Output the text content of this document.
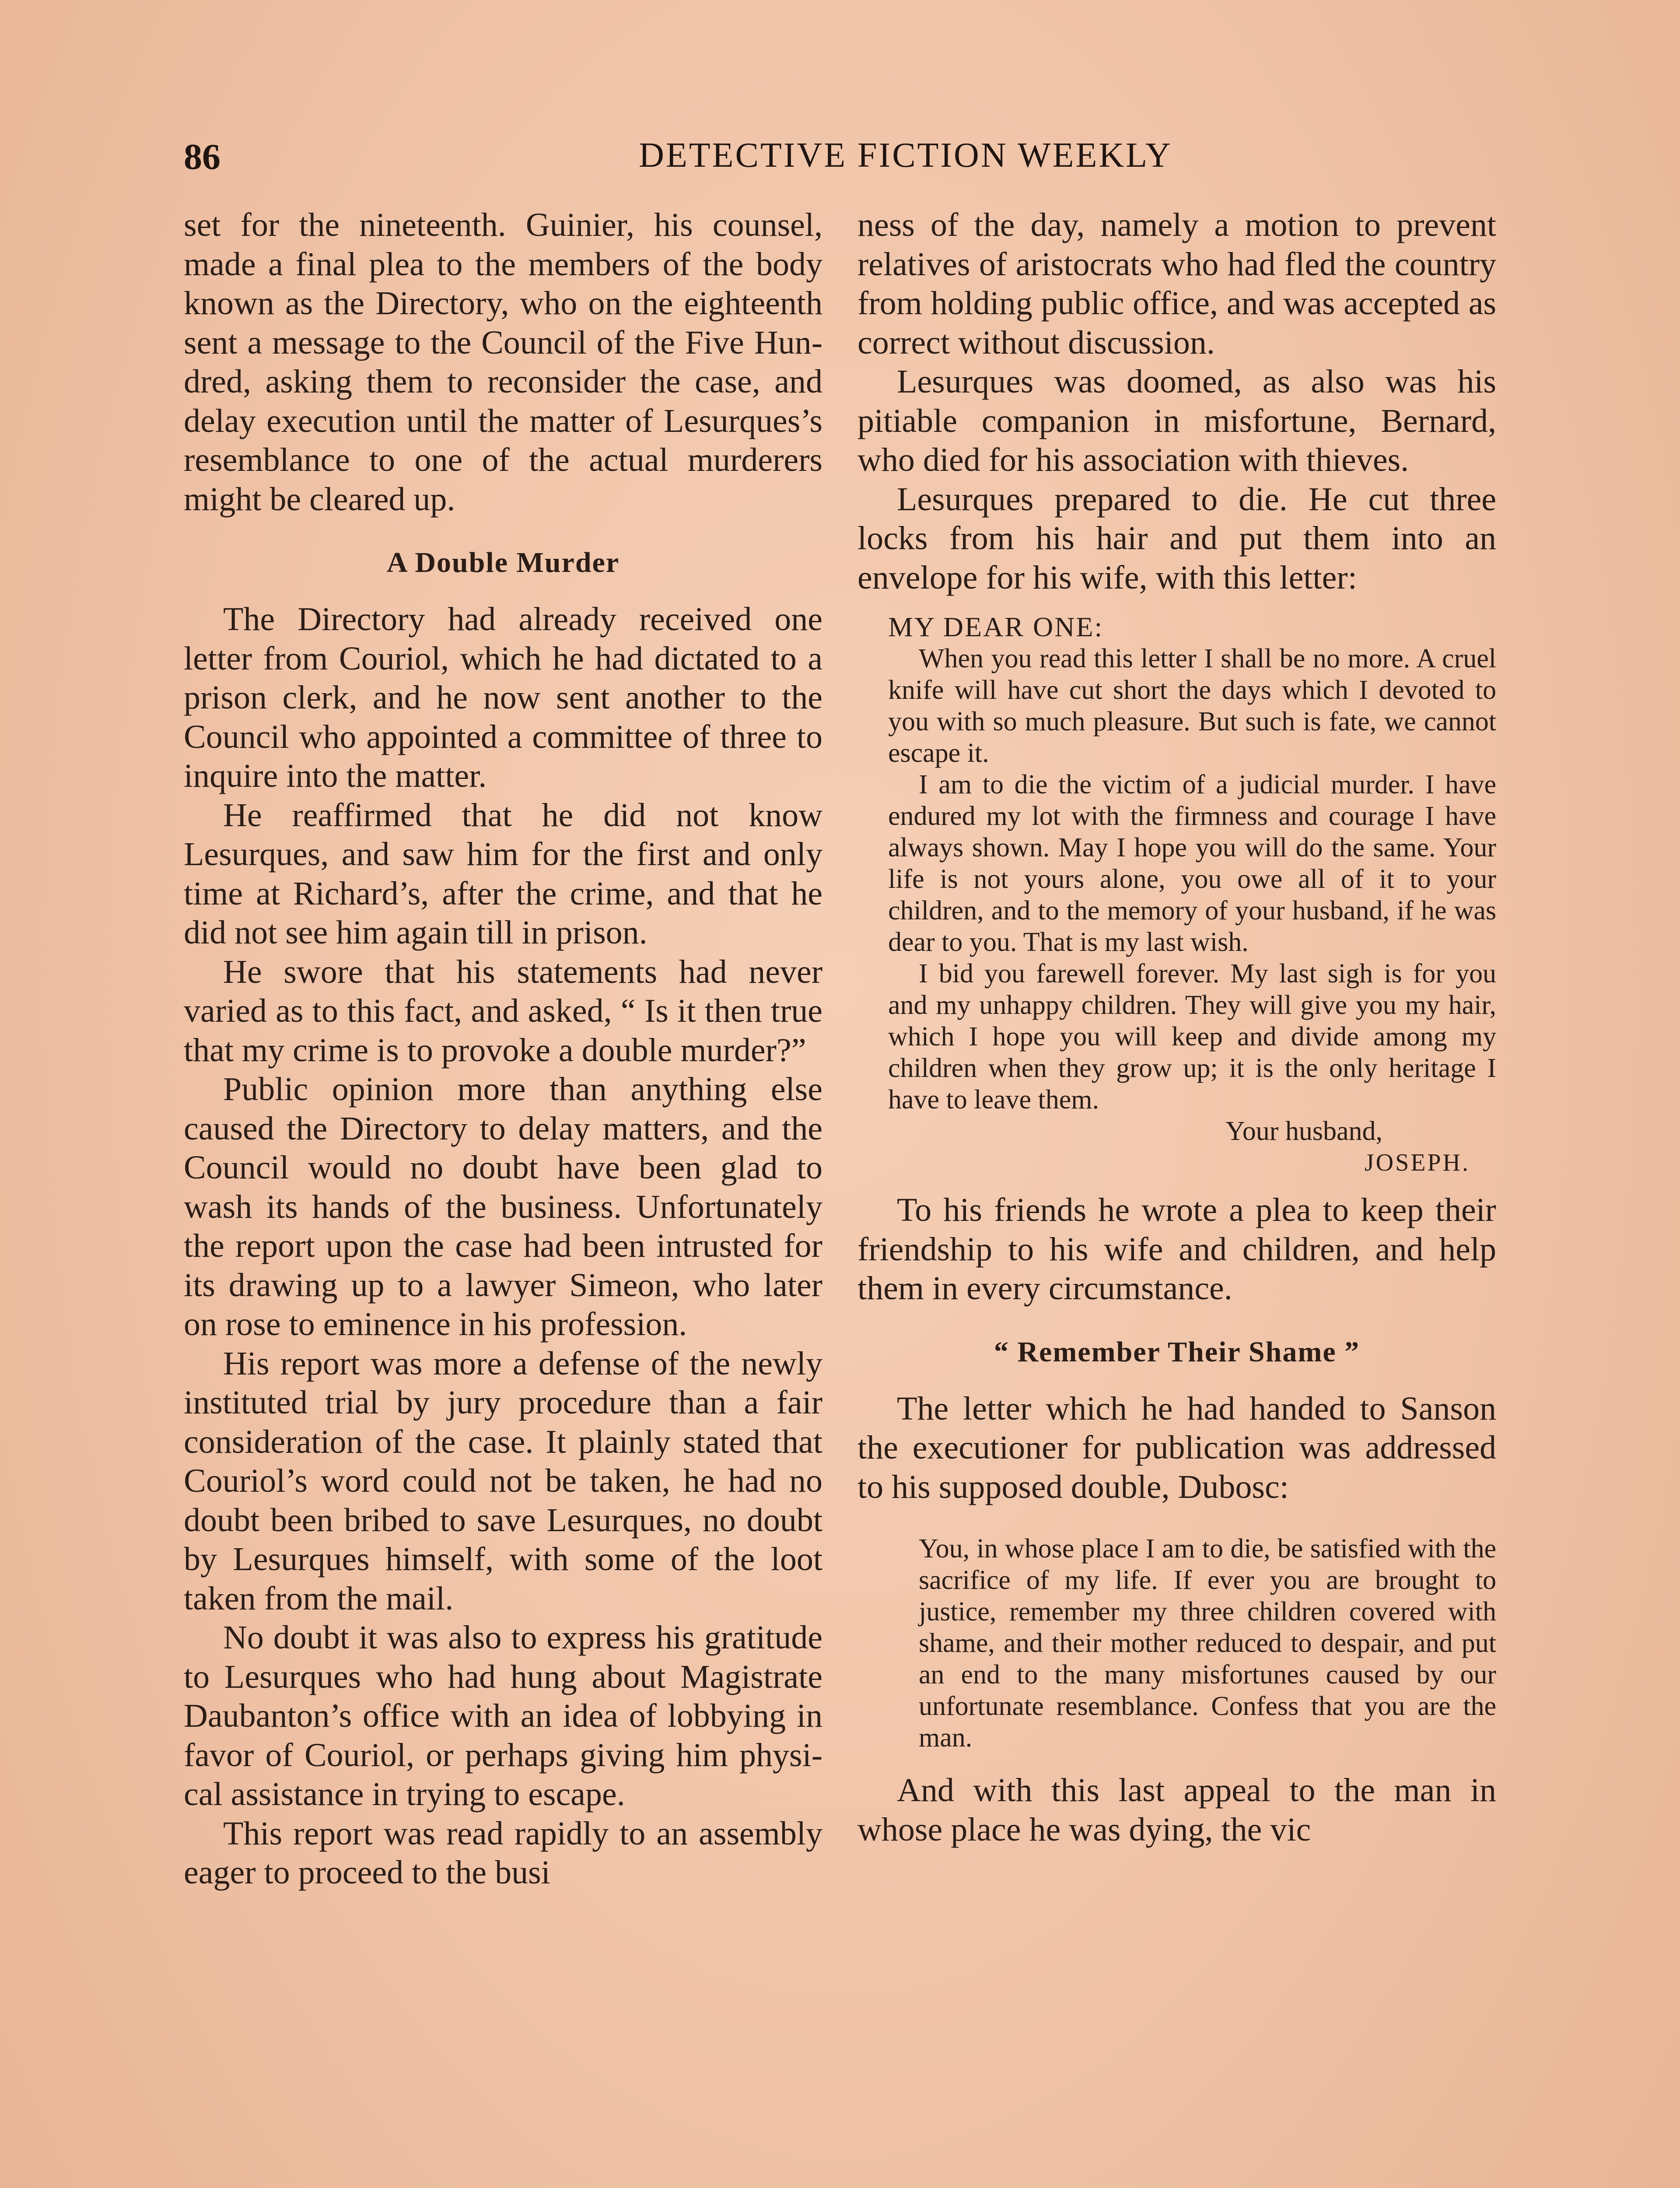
86	DETECTIVE FICTION WEEKLY

set for the nineteenth. Guinier, his counsel, made a final plea to the members of the body known as the Directory, who on the eighteenth sent a message to the Council of the Five Hundred, asking them to reconsider the case, and delay execution until the matter of Lesurques’s resemblance to one of the actual murderers might be cleared up.

A Double Murder

The Directory had already received one letter from Couriol, which he had dictated to a prison clerk, and he now sent another to the Council who appointed a committee of three to inquire into the matter.

He reaffirmed that he did not know Lesurques, and saw him for the first and only time at Richard’s, after the crime, and that he did not see him again till in prison.

He swore that his statements had never varied as to this fact, and asked, “ Is it then true that my crime is to provoke a double murder?”

Public opinion more than anything else caused the Directory to delay matters, and the Council would no doubt have been glad to wash its hands of the business. Unfortunately the report upon the case had been intrusted for its drawing up to a lawyer Simeon, who later on rose to eminence in his profession.

His report was more a defense of the newly instituted trial by jury procedure than a fair consideration of the case. It plainly stated that Couriol’s word could not be taken, he had no doubt been bribed to save Lesurques, no doubt by Lesurques himself, with some of the loot taken from the mail.

No doubt it was also to express his gratitude to Lesurques who had hung about Magistrate Daubanton’s office with an idea of lobbying in favor of Couriol, or perhaps giving him physical assistance in trying to escape.

This report was read rapidly to an assembly eager to proceed to the busi

ness of the day, namely a motion to prevent relatives of aristocrats who had fled the country from holding public office, and was accepted as correct without discussion.

Lesurques was doomed, as also was his pitiable companion in misfortune, Bernard, who died for his association with thieves.

Lesurques prepared to die. He cut three locks from his hair and put them into an envelope for his wife, with this letter:

MY DEAR ONE:

When you read this letter I shall be no more. A cruel knife will have cut short the days which I devoted to you with so much pleasure. But such is fate, we cannot escape it.

I am to die the victim of a judicial murder. I have endured my lot with the firmness and courage I have always shown. May I hope you will do the same. Your life is not yours alone, you owe all of it to your children, and to the memory of your husband, if he was dear to you. That is my last wish.

I bid you farewell forever. My last sigh is for you and my unhappy children. They will give you my hair, which I hope you will keep and divide among my children when they grow up; it is the only heritage I have to leave them.

Your husband,

JOSEPH.

To his friends he wrote a plea to keep their friendship to his wife and children, and help them in every circumstance.

“ Remember Their Shame ”

The letter which he had handed to Sanson the executioner for publication was addressed to his supposed double, Dubosc:

You, in whose place I am to die, be satisfied with the sacrifice of my life. If ever you are brought to justice, remember my three children covered with shame, and their mother reduced to despair, and put an end to the many misfortunes caused by our unfortunate resemblance. Confess that you are the man.

And with this last appeal to the man in whose place he was dying, the vic
